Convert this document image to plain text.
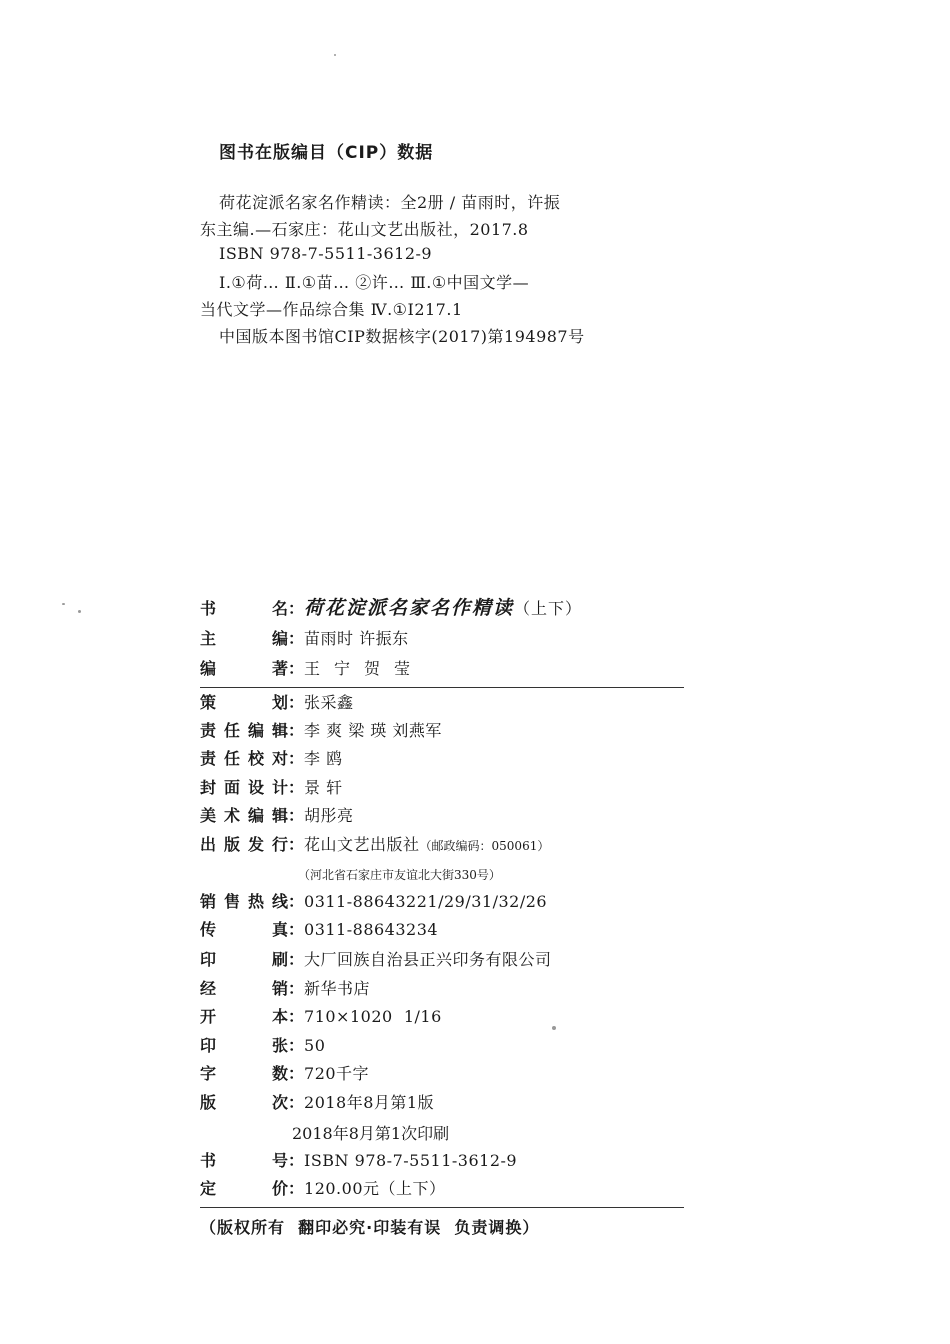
图书在版编目（CIP）数据
荷花淀派名家名作精读：全2册 / 苗雨时，许振
东主编.—石家庄：花山文艺出版社，2017.8
ISBN 978-7-5511-3612-9
Ⅰ.①荷… Ⅱ.①苗… ②许… Ⅲ.①中国文学—
当代文学—作品综合集 Ⅳ.①I217.1
中国版本图书馆CIP数据核字(2017)第194987号
书名：荷花淀派名家名作精读（上下）
主编：苗雨时 许振东
编著：王宁贺莹
策划：张采鑫
责任编辑：李 爽 梁 瑛 刘燕军
责任校对：李 鸥
封面设计：景 轩
美术编辑：胡彤亮
出版发行：花山文艺出版社（邮政编码：050061）
（河北省石家庄市友谊北大街330号）
销售热线：0311-88643221/29/31/32/26
传真：0311-88643234
印刷：大厂回族自治县正兴印务有限公司
经销：新华书店
开本：710×1020  1/16
印张：50
字数：720千字
版次：2018年8月第1版
2018年8月第1次印刷
书号：ISBN 978-7-5511-3612-9
定价：120.00元（上下）
（版权所有  翻印必究·印装有误  负责调换）
